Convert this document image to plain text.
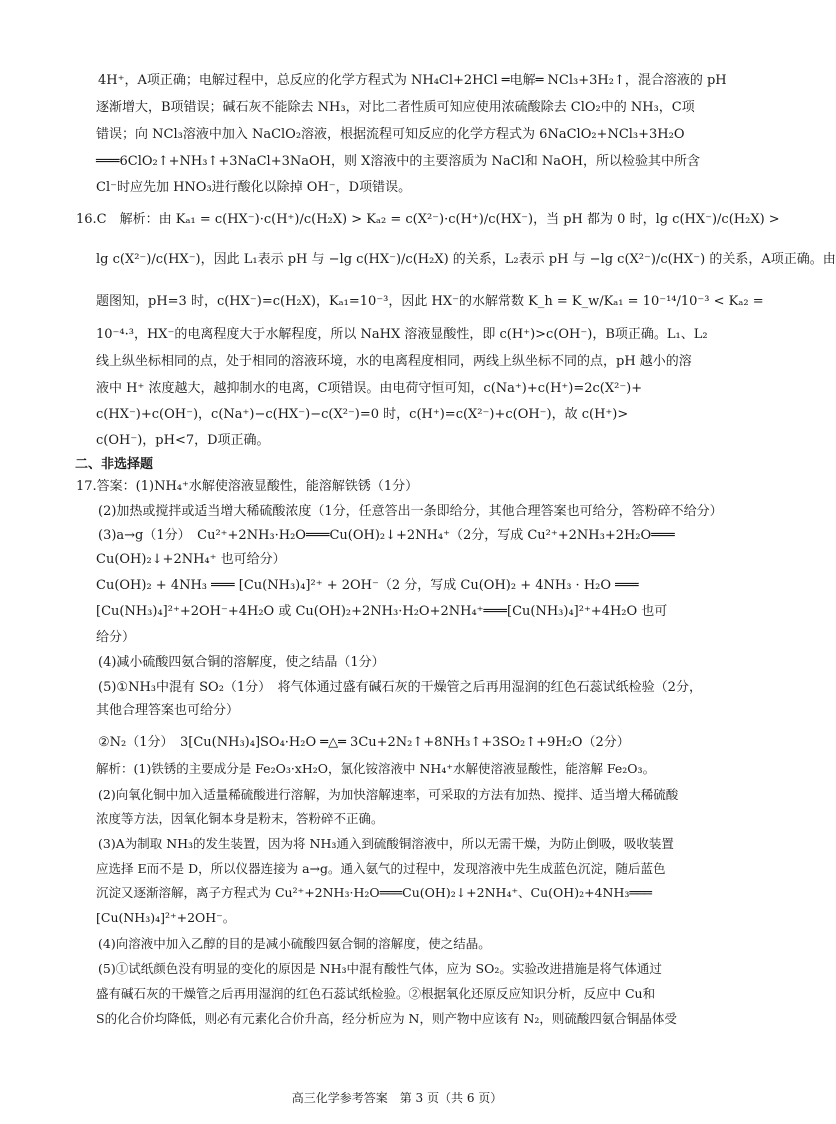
4H⁺，A项正确；电解过程中，总反应的化学方程式为 NH₄Cl+2HCl ═电解═ NCl₃+3H₂↑，混合溶液的 pH
逐渐增大，B项错误；碱石灰不能除去 NH₃，对比二者性质可知应使用浓硫酸除去 ClO₂中的 NH₃，C项
错误；向 NCl₃溶液中加入 NaClO₂溶液，根据流程可知反应的化学方程式为 6NaClO₂+NCl₃+3H₂O
═══6ClO₂↑+NH₃↑+3NaCl+3NaOH，则 X溶液中的主要溶质为 NaCl和 NaOH，所以检验其中所含
Cl⁻时应先加 HNO₃进行酸化以除掉 OH⁻，D项错误。
16.C　解析：由 Kₐ₁ = c(HX⁻)·c(H⁺)/c(H₂X) > Kₐ₂ = c(X²⁻)·c(H⁺)/c(HX⁻)，当 pH 都为 0 时，lg c(HX⁻)/c(H₂X) >
lg c(X²⁻)/c(HX⁻)，因此 L₁表示 pH 与 −lg c(HX⁻)/c(H₂X) 的关系，L₂表示 pH 与 −lg c(X²⁻)/c(HX⁻) 的关系，A项正确。由
题图知，pH=3 时，c(HX⁻)=c(H₂X)，Kₐ₁=10⁻³，因此 HX⁻的水解常数 K_h = K_w/Kₐ₁ = 10⁻¹⁴/10⁻³ < Kₐ₂ =
10⁻⁴·³，HX⁻的电离程度大于水解程度，所以 NaHX 溶液显酸性，即 c(H⁺)>c(OH⁻)，B项正确。L₁、L₂
线上纵坐标相同的点，处于相同的溶液环境，水的电离程度相同，两线上纵坐标不同的点，pH 越小的溶
液中 H⁺ 浓度越大，越抑制水的电离，C项错误。由电荷守恒可知，c(Na⁺)+c(H⁺)=2c(X²⁻)+
c(HX⁻)+c(OH⁻)，c(Na⁺)−c(HX⁻)−c(X²⁻)=0 时，c(H⁺)=c(X²⁻)+c(OH⁻)，故 c(H⁺)>
c(OH⁻)，pH<7，D项正确。
二、非选择题
17.答案：(1)NH₄⁺水解使溶液显酸性，能溶解铁锈（1分）
(2)加热或搅拌或适当增大稀硫酸浓度（1分，任意答出一条即给分，其他合理答案也可给分，答粉碎不给分）
(3)a→g（1分）　Cu²⁺+2NH₃·H₂O═══Cu(OH)₂↓+2NH₄⁺（2分，写成 Cu²⁺+2NH₃+2H₂O═══
Cu(OH)₂↓+2NH₄⁺ 也可给分）
Cu(OH)₂ + 4NH₃ ═══ [Cu(NH₃)₄]²⁺ + 2OH⁻（2 分，写成 Cu(OH)₂ + 4NH₃ · H₂O ═══
[Cu(NH₃)₄]²⁺+2OH⁻+4H₂O 或 Cu(OH)₂+2NH₃·H₂O+2NH₄⁺═══[Cu(NH₃)₄]²⁺+4H₂O 也可
给分）
(4)减小硫酸四氨合铜的溶解度，使之结晶（1分）
(5)①NH₃中混有 SO₂（1分）　将气体通过盛有碱石灰的干燥管之后再用湿润的红色石蕊试纸检验（2分，
其他合理答案也可给分）
②N₂（1分）　3[Cu(NH₃)₄]SO₄·H₂O ═△═ 3Cu+2N₂↑+8NH₃↑+3SO₂↑+9H₂O（2分）
解析：(1)铁锈的主要成分是 Fe₂O₃·xH₂O，氯化铵溶液中 NH₄⁺水解使溶液显酸性，能溶解 Fe₂O₃。
(2)向氧化铜中加入适量稀硫酸进行溶解，为加快溶解速率，可采取的方法有加热、搅拌、适当增大稀硫酸
浓度等方法，因氧化铜本身是粉末，答粉碎不正确。
(3)A为制取 NH₃的发生装置，因为将 NH₃通入到硫酸铜溶液中，所以无需干燥，为防止倒吸，吸收装置
应选择 E而不是 D，所以仪器连接为 a→g。通入氨气的过程中，发现溶液中先生成蓝色沉淀，随后蓝色
沉淀又逐渐溶解，离子方程式为 Cu²⁺+2NH₃·H₂O═══Cu(OH)₂↓+2NH₄⁺、Cu(OH)₂+4NH₃═══
[Cu(NH₃)₄]²⁺+2OH⁻。
(4)向溶液中加入乙醇的目的是减小硫酸四氨合铜的溶解度，使之结晶。
(5)①试纸颜色没有明显的变化的原因是 NH₃中混有酸性气体，应为 SO₂。实验改进措施是将气体通过
盛有碱石灰的干燥管之后再用湿润的红色石蕊试纸检验。②根据氧化还原反应知识分析，反应中 Cu和
S的化合价均降低，则必有元素化合价升高，经分析应为 N，则产物中应该有 N₂，则硫酸四氨合铜晶体受
高三化学参考答案　第 3 页（共 6 页）
